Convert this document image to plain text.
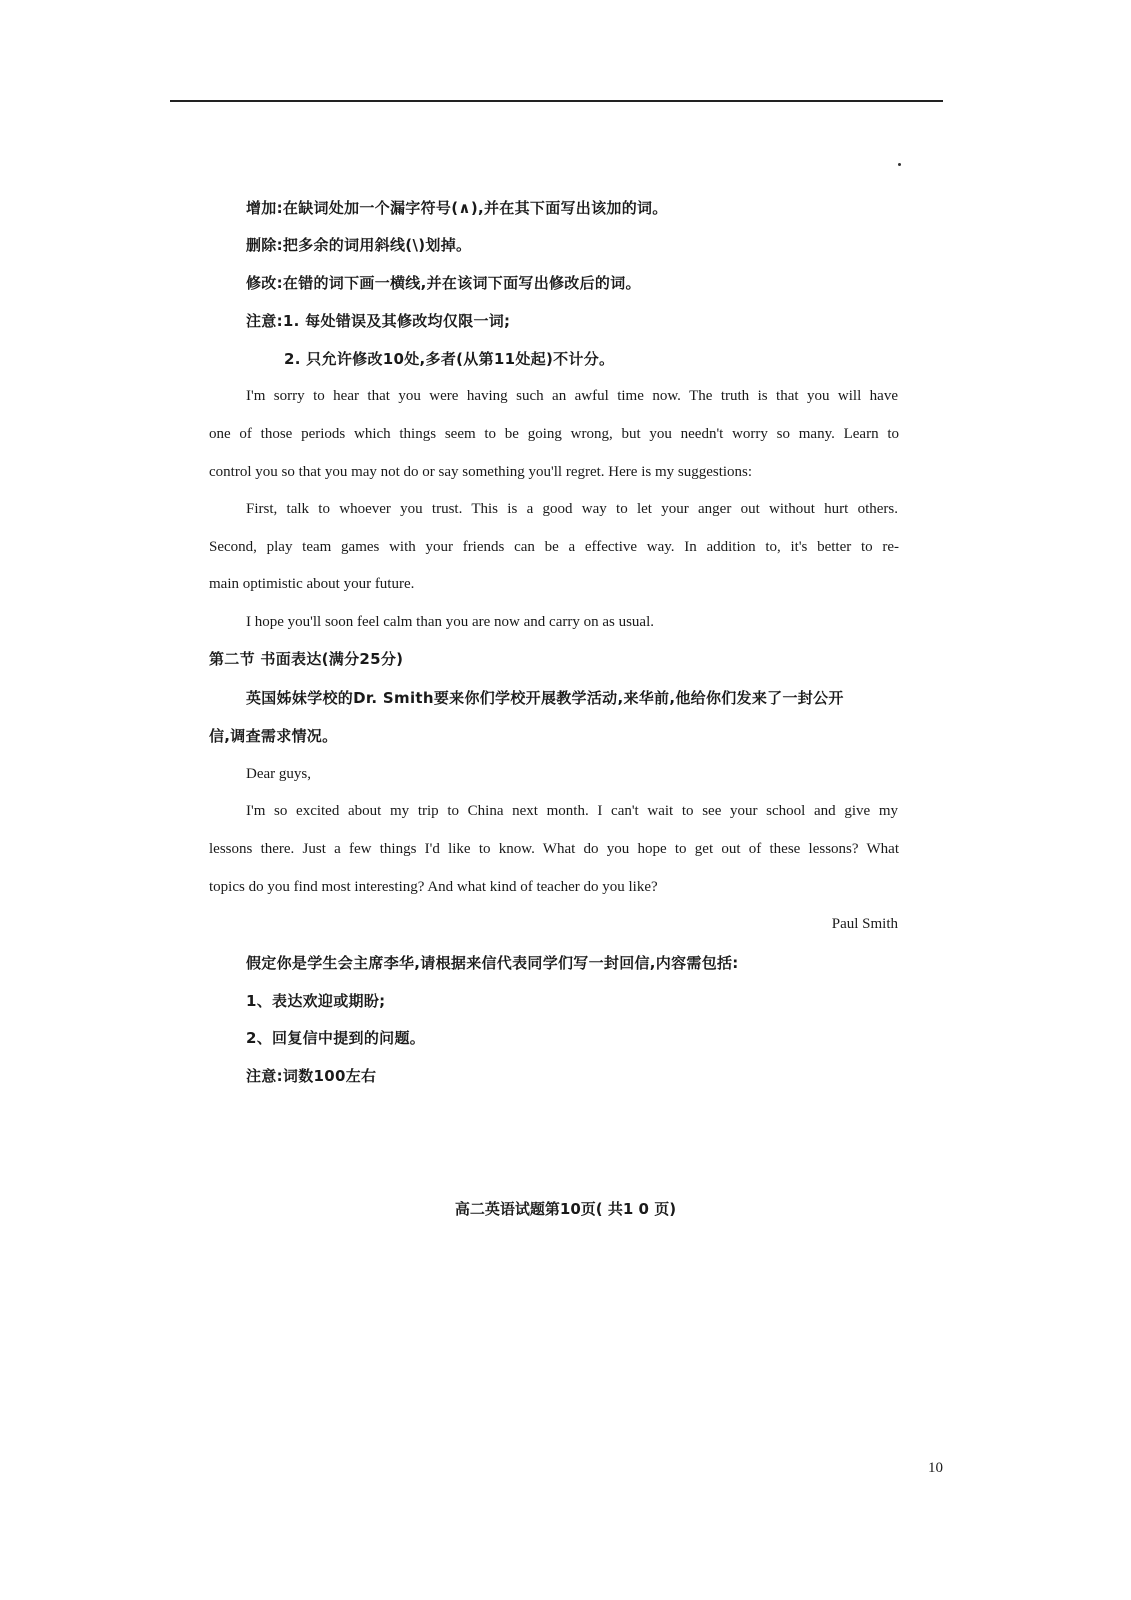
增加:在缺词处加一个漏字符号(∧),并在其下面写出该加的词。

删除:把多余的词用斜线(\)划掉。

修改:在错的词下画一横线,并在该词下面写出修改后的词。

注意:1. 每处错误及其修改均仅限一词;

2. 只允许修改10处,多者(从第11处起)不计分。

I'm sorry to hear that you were having such an awful time now. The truth is that you will have

one of those periods which things seem to be going wrong, but you needn't worry so many. Learn to

control you so that you may not do or say something you'll regret. Here is my suggestions:

First, talk to whoever you trust. This is a good way to let your anger out without hurt others.

Second, play team games with your friends can be a effective way. In addition to, it's better to re-

main optimistic about your future.

I hope you'll soon feel calm than you are now and carry on as usual.

第二节 书面表达(满分25分)

英国姊妹学校的Dr. Smith要来你们学校开展教学活动,来华前,他给你们发来了一封公开

信,调查需求情况。

Dear guys,

I'm so excited about my trip to China next month. I can't wait to see your school and give my

lessons there. Just a few things I'd like to know. What do you hope to get out of these lessons? What

topics do you find most interesting? And what kind of teacher do you like?

Paul Smith

假定你是学生会主席李华,请根据来信代表同学们写一封回信,内容需包括:

1、表达欢迎或期盼;

2、回复信中提到的问题。

注意:词数100左右

高二英语试题第10页( 共1 0 页)

10
